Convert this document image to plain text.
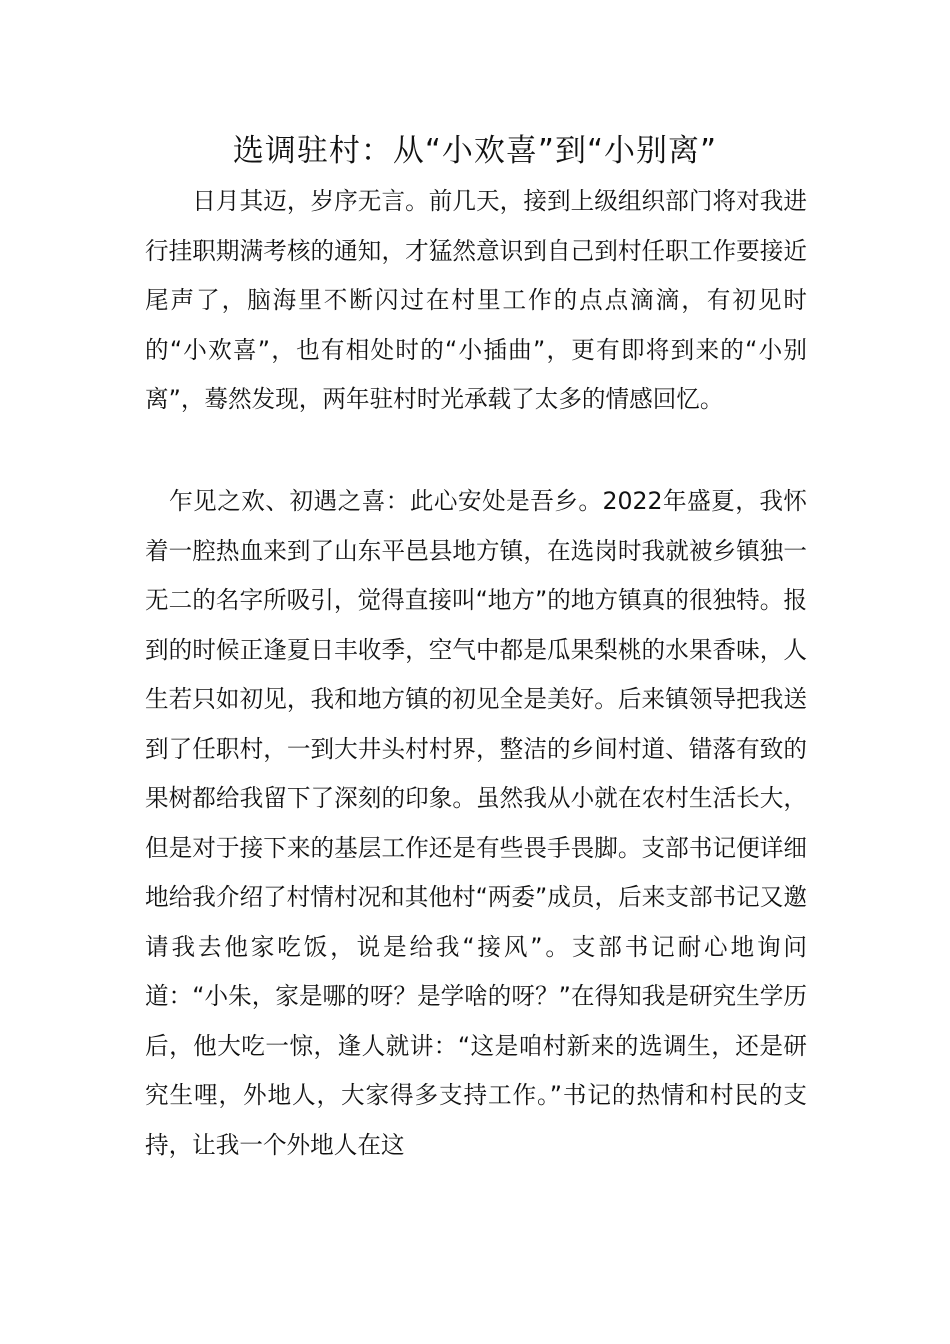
选调驻村：从“小欢喜”到“小别离”

　　日月其迈，岁序无言。前几天，接到上级组织部门将对我进行挂职期满考核的通知，才猛然意识到自己到村任职工作要接近尾声了，脑海里不断闪过在村里工作的点点滴滴，有初见时的“小欢喜”，也有相处时的“小插曲”，更有即将到来的“小别离”，蓦然发现，两年驻村时光承载了太多的情感回忆。

　乍见之欢、初遇之喜：此心安处是吾乡。2022年盛夏，我怀着一腔热血来到了山东平邑县地方镇，在选岗时我就被乡镇独一无二的名字所吸引，觉得直接叫“地方”的地方镇真的很独特。报到的时候正逢夏日丰收季，空气中都是瓜果梨桃的水果香味，人生若只如初见，我和地方镇的初见全是美好。后来镇领导把我送到了任职村，一到大井头村村界，整洁的乡间村道、错落有致的果树都给我留下了深刻的印象。虽然我从小就在农村生活长大，但是对于接下来的基层工作还是有些畏手畏脚。支部书记便详细地给我介绍了村情村况和其他村“两委”成员，后来支部书记又邀请我去他家吃饭，说是给我“接风”。支部书记耐心地询问道：“小朱，家是哪的呀？是学啥的呀？”在得知我是研究生学历后，他大吃一惊，逢人就讲：“这是咱村新来的选调生，还是研究生哩，外地人，大家得多支持工作。”书记的热情和村民的支持，让我一个外地人在这
